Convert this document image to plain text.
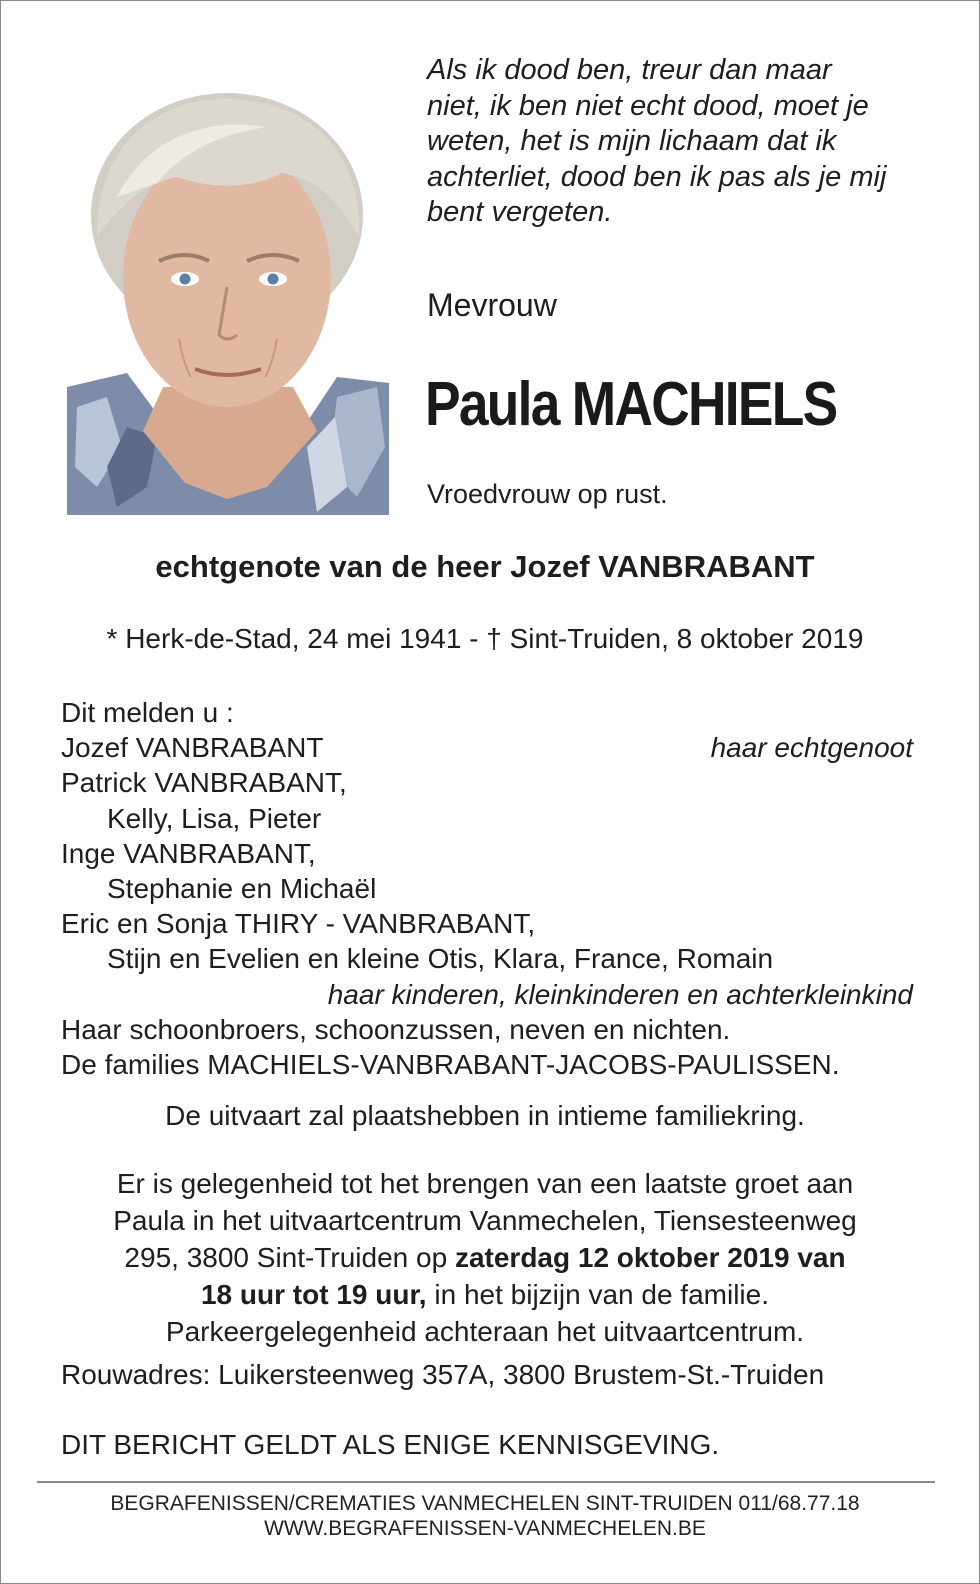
Als ik dood ben, treur dan maar
niet, ik ben niet echt dood, moet je
weten, het is mijn lichaam dat ik
achterliet, dood ben ik pas als je mij
bent vergeten.

Mevrouw

Paula MACHIELS

Vroedvrouw op rust.

echtgenote van de heer Jozef VANBRABANT

* Herk-de-Stad, 24 mei 1941 - † Sint-Truiden, 8 oktober 2019

Dit melden u :
Jozef VANBRABANT	haar echtgenoot
Patrick VANBRABANT,
Kelly, Lisa, Pieter
Inge VANBRABANT,
Stephanie en Michaël
Eric en Sonja THIRY - VANBRABANT,
Stijn en Evelien en kleine Otis, Klara, France, Romain
haar kinderen, kleinkinderen en achterkleinkind
Haar schoonbroers, schoonzussen, neven en nichten.
De families MACHIELS-VANBRABANT-JACOBS-PAULISSEN.

De uitvaart zal plaatshebben in intieme familiekring.

Er is gelegenheid tot het brengen van een laatste groet aan
Paula in het uitvaartcentrum Vanmechelen, Tiensesteenweg
295, 3800 Sint-Truiden op zaterdag 12 oktober 2019 van
18 uur tot 19 uur, in het bijzijn van de familie.
Parkeergelegenheid achteraan het uitvaartcentrum.

Rouwadres: Luikersteenweg 357A, 3800 Brustem-St.-Truiden

DIT BERICHT GELDT ALS ENIGE KENNISGEVING.

BEGRAFENISSEN/CREMATIES VANMECHELEN SINT-TRUIDEN 011/68.77.18
WWW.BEGRAFENISSEN-VANMECHELEN.BE
